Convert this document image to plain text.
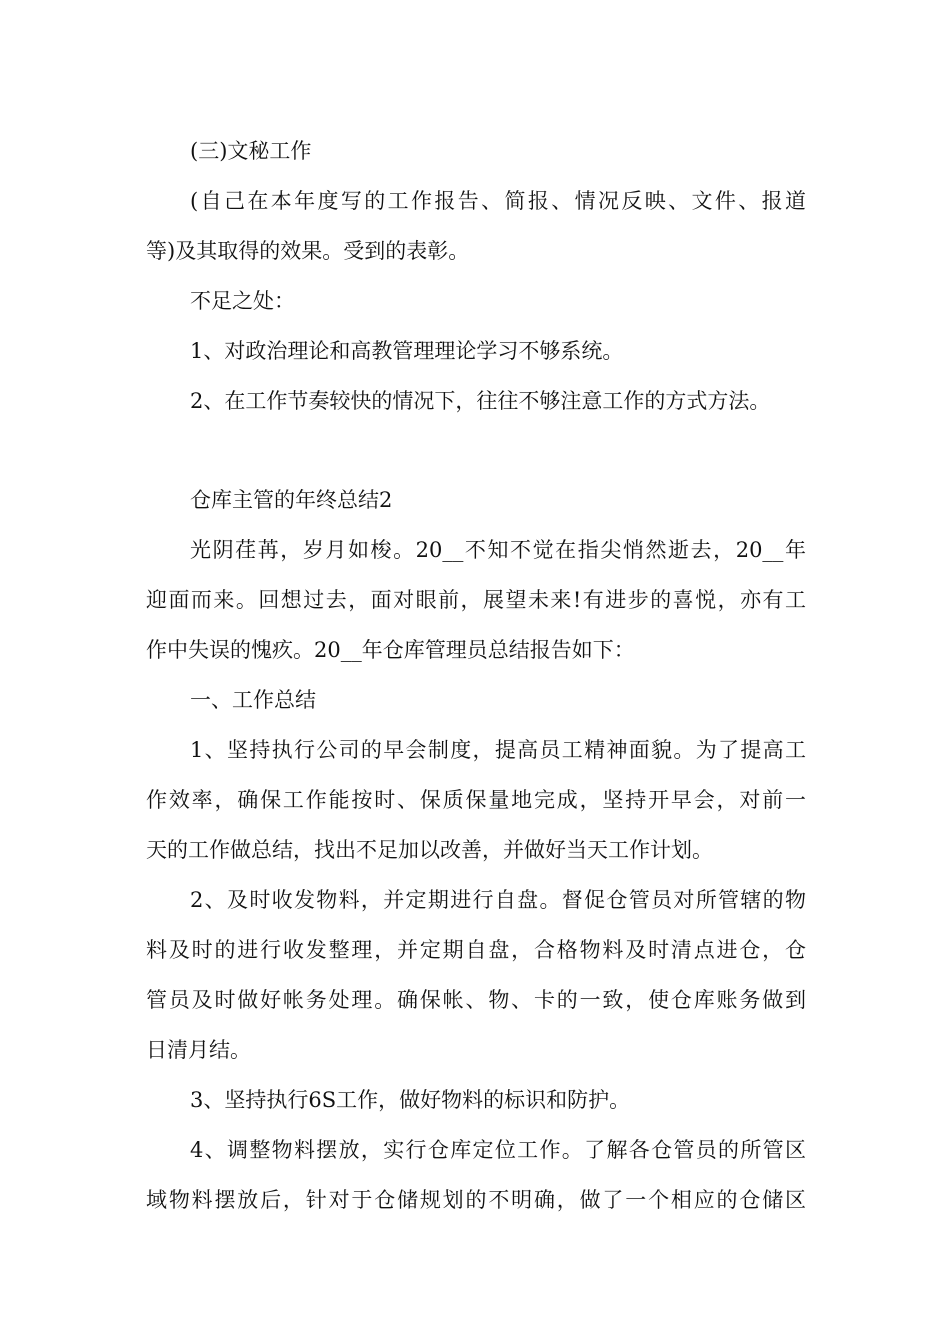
(三)文秘工作
(自己在本年度写的工作报告、简报、情况反映、文件、报道
等)及其取得的效果。受到的表彰。
不足之处：
1、对政治理论和高教管理理论学习不够系统。
2、在工作节奏较快的情况下，往往不够注意工作的方式方法。
仓库主管的年终总结2
光阴荏苒，岁月如梭。20__不知不觉在指尖悄然逝去，20__年
迎面而来。回想过去，面对眼前，展望未来!有进步的喜悦，亦有工
作中失误的愧疚。20__年仓库管理员总结报告如下：
一、工作总结
1、坚持执行公司的早会制度，提高员工精神面貌。为了提高工
作效率，确保工作能按时、保质保量地完成，坚持开早会，对前一
天的工作做总结，找出不足加以改善，并做好当天工作计划。
2、及时收发物料，并定期进行自盘。督促仓管员对所管辖的物
料及时的进行收发整理，并定期自盘，合格物料及时清点进仓，仓
管员及时做好帐务处理。确保帐、物、卡的一致，使仓库账务做到
日清月结。
3、坚持执行6S工作，做好物料的标识和防护。
4、调整物料摆放，实行仓库定位工作。了解各仓管员的所管区
域物料摆放后，针对于仓储规划的不明确，做了一个相应的仓储区
